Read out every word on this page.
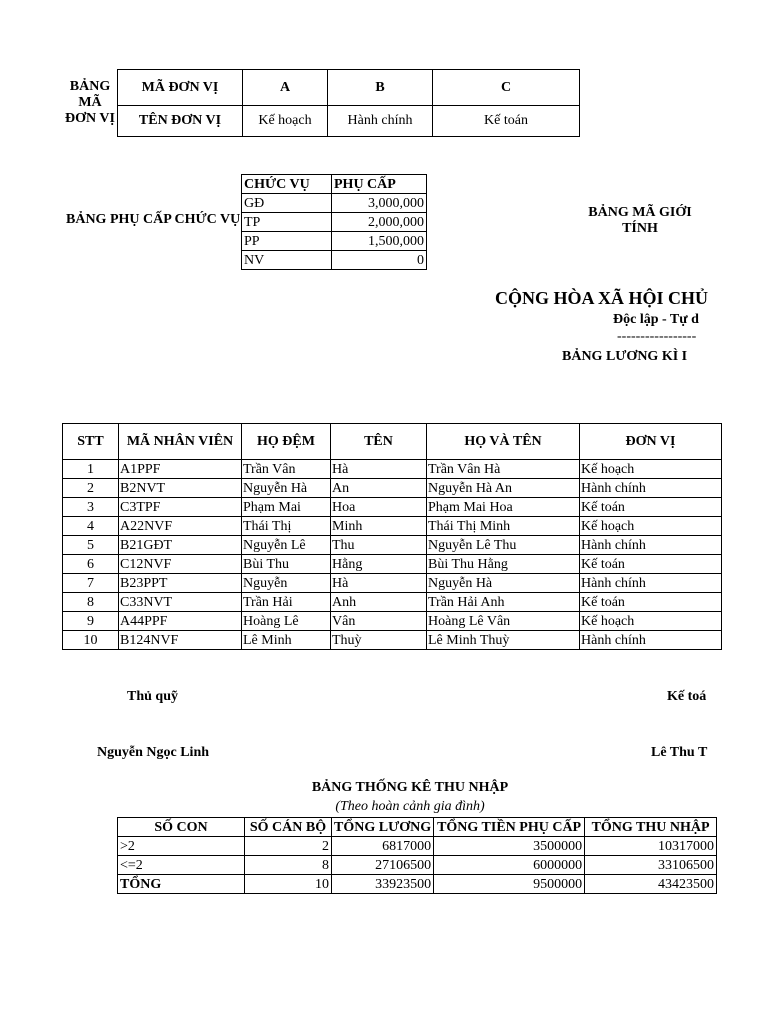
BẢNG
MÃ
ĐƠN VỊ
MÃ ĐƠN VỊ	A	B	C
TÊN ĐƠN VỊ	Kế hoạch	Hành chính	Kế toán
BẢNG PHỤ CẤP CHỨC VỤ
CHỨC VỤ	PHỤ CẤP
GĐ	3,000,000
TP	2,000,000
PP	1,500,000
NV	0
BẢNG MÃ GIỚI
TÍNH
CỘNG HÒA XÃ HỘI CHỦ
Độc lập - Tự d
-----------------
BẢNG LƯƠNG KÌ I
STT	MÃ NHÂN VIÊN	HỌ ĐỆM	TÊN	HỌ VÀ TÊN	ĐƠN VỊ
1	A1PPF	Trần Vân	Hà	Trần Vân Hà	Kế hoạch
2	B2NVT	Nguyễn Hà	An	Nguyễn Hà An	Hành chính
3	C3TPF	Phạm Mai	Hoa	Phạm Mai Hoa	Kế toán
4	A22NVF	Thái Thị	Minh	Thái Thị Minh	Kế hoạch
5	B21GĐT	Nguyễn Lê	Thu	Nguyễn Lê Thu	Hành chính
6	C12NVF	Bùi Thu	Hằng	Bùi Thu Hằng	Kế toán
7	B23PPT	Nguyễn	Hà	Nguyễn Hà	Hành chính
8	C33NVT	Trần Hải	Anh	Trần Hải Anh	Kế toán
9	A44PPF	Hoàng Lê	Vân	Hoàng Lê Vân	Kế hoạch
10	B124NVF	Lê Minh	Thuỳ	Lê Minh Thuỳ	Hành chính
Thủ quỹ
Nguyễn Ngọc Linh
Kế toá
Lê Thu T
BẢNG THỐNG KÊ THU NHẬP
(Theo hoàn cảnh gia đình)
SỐ CON	SỐ CÁN BỘ	TỔNG LƯƠNG	TỔNG TIỀN PHỤ CẤP	TỔNG THU NHẬP
>2	2	6817000	3500000	10317000
<=2	8	27106500	6000000	33106500
TỔNG	10	33923500	9500000	43423500
